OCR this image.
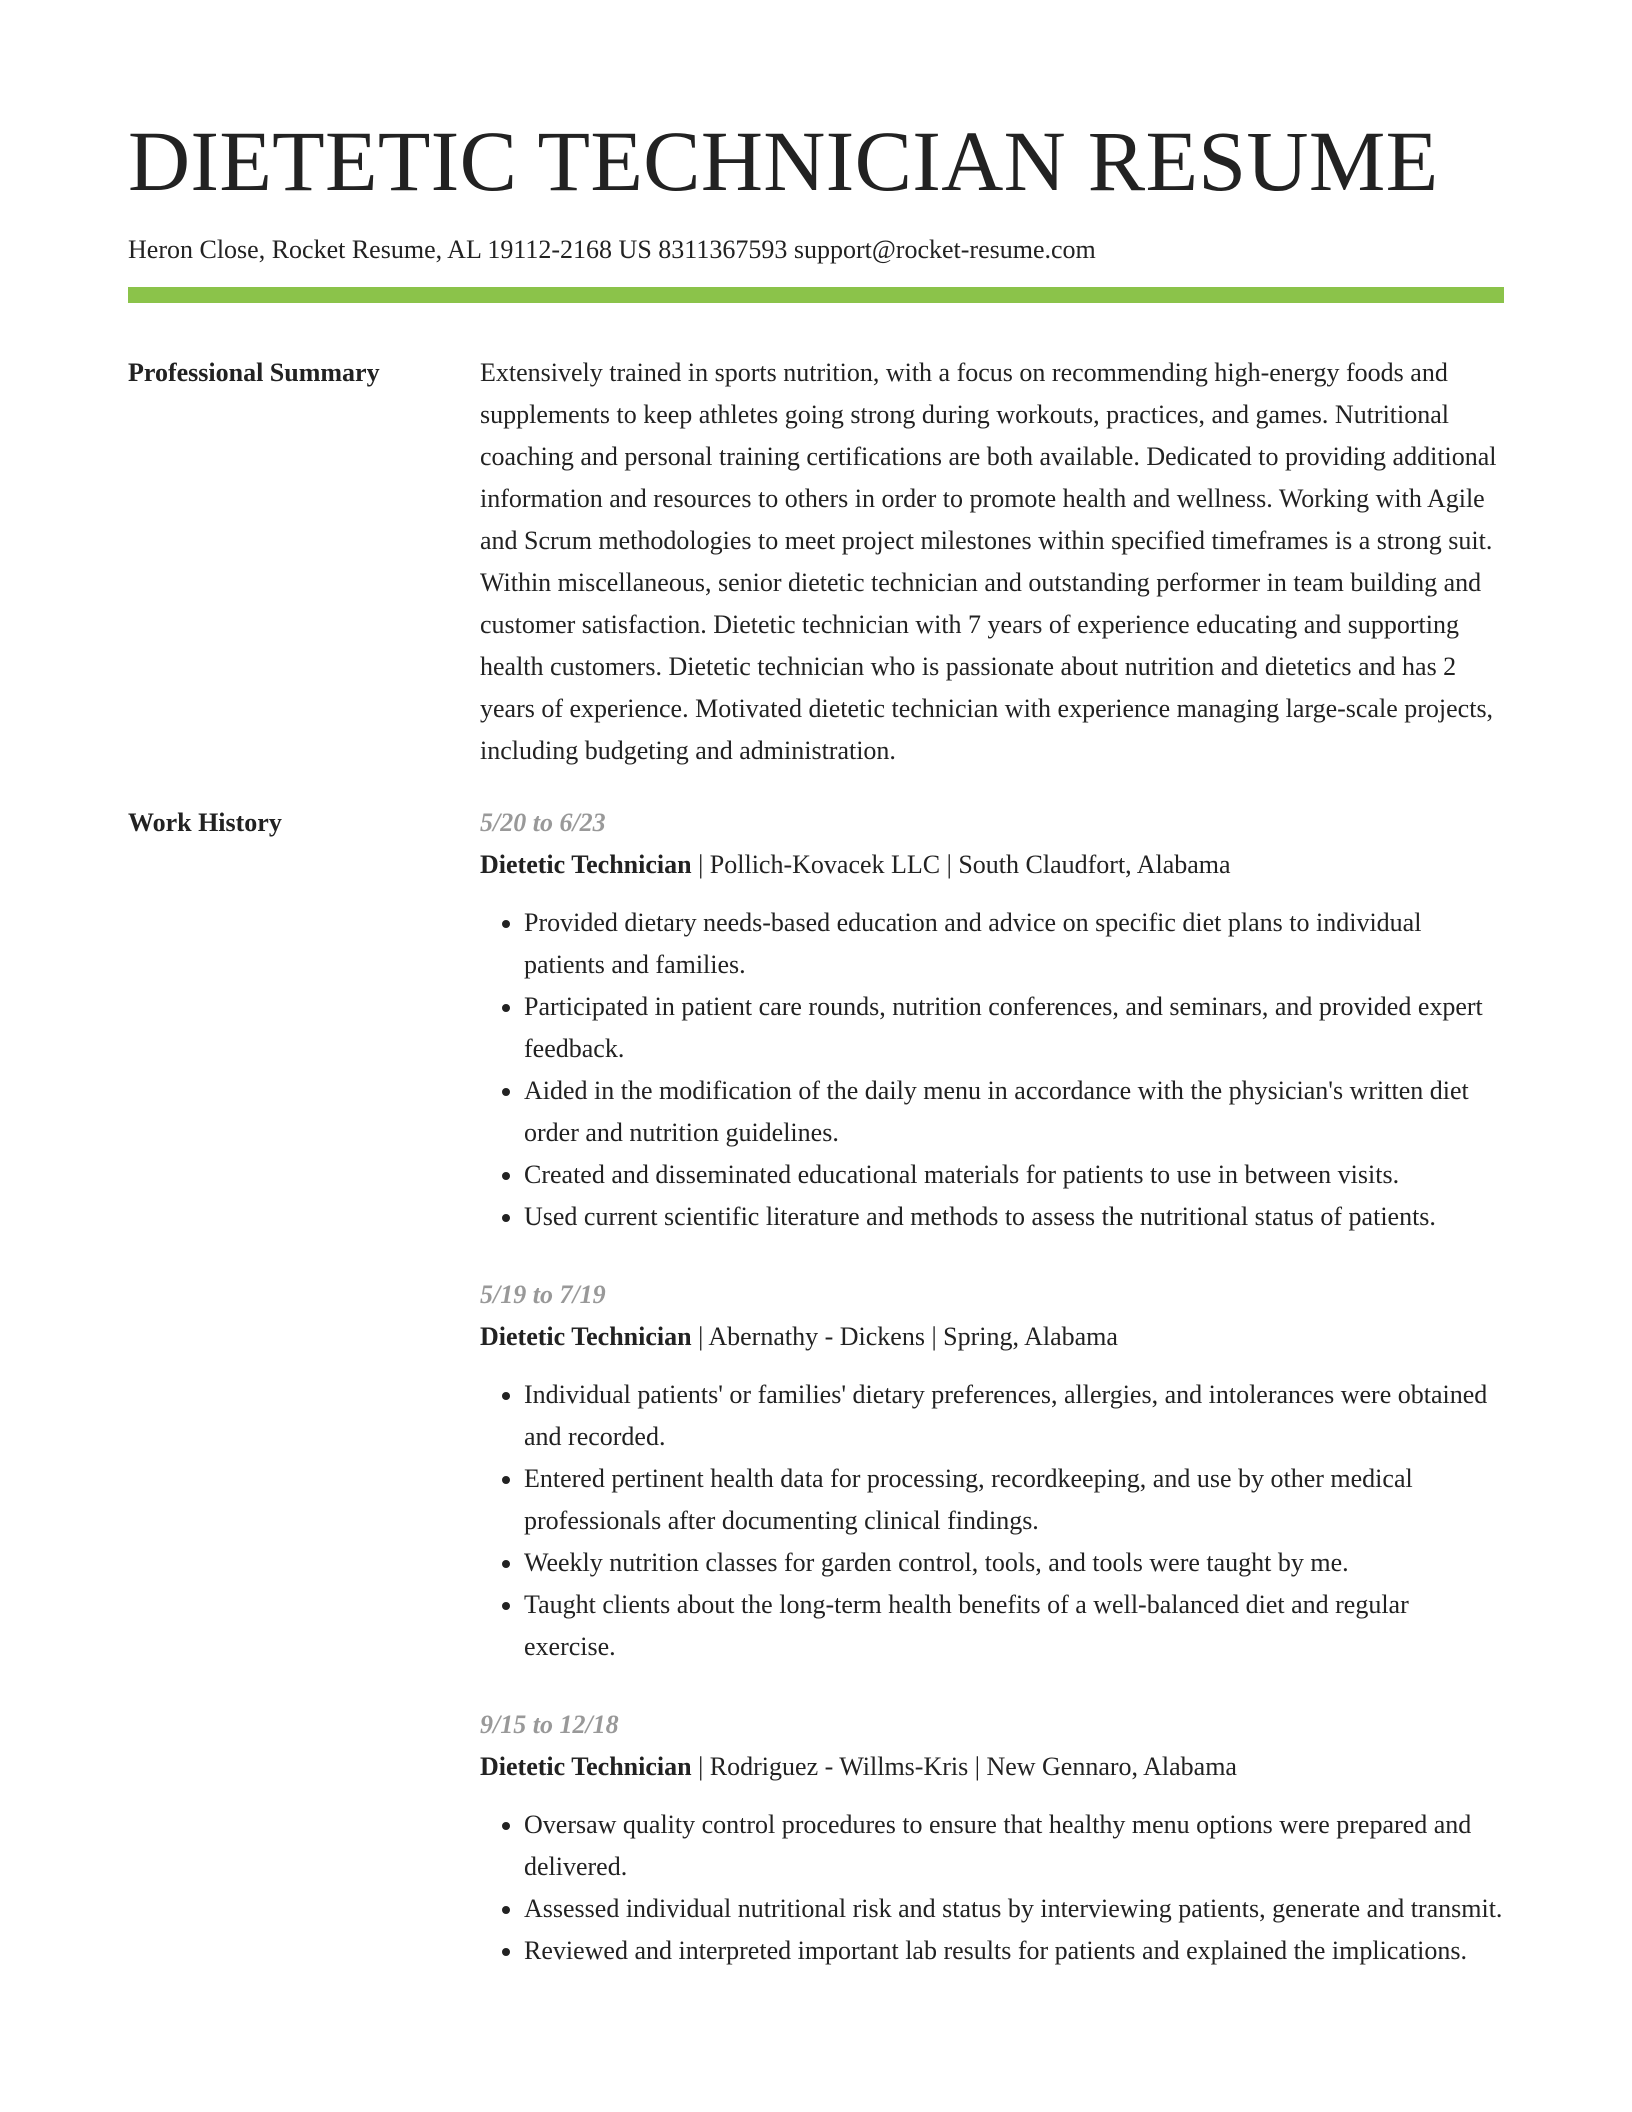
DIETETIC TECHNICIAN RESUME
Heron Close, Rocket Resume, AL 19112-2168 US 8311367593 support@rocket-resume.com
Professional Summary	Extensively trained in sports nutrition, with a focus on recommending high-energy foods and supplements to keep athletes going strong during workouts, practices, and games. Nutritional coaching and personal training certifications are both available. Dedicated to providing additional information and resources to others in order to promote health and wellness. Working with Agile and Scrum methodologies to meet project milestones within specified timeframes is a strong suit. Within miscellaneous, senior dietetic technician and outstanding performer in team building and customer satisfaction. Dietetic technician with 7 years of experience educating and supporting health customers. Dietetic technician who is passionate about nutrition and dietetics and has 2 years of experience. Motivated dietetic technician with experience managing large-scale projects, including budgeting and administration.

Work History	5/20 to 6/23
Dietetic Technician | Pollich-Kovacek LLC | South Claudfort, Alabama
• Provided dietary needs-based education and advice on specific diet plans to individual patients and families.
• Participated in patient care rounds, nutrition conferences, and seminars, and provided expert feedback.
• Aided in the modification of the daily menu in accordance with the physician's written diet order and nutrition guidelines.
• Created and disseminated educational materials for patients to use in between visits.
• Used current scientific literature and methods to assess the nutritional status of patients.
5/19 to 7/19
Dietetic Technician | Abernathy - Dickens | Spring, Alabama
• Individual patients' or families' dietary preferences, allergies, and intolerances were obtained and recorded.
• Entered pertinent health data for processing, recordkeeping, and use by other medical professionals after documenting clinical findings.
• Weekly nutrition classes for garden control, tools, and tools were taught by me.
• Taught clients about the long-term health benefits of a well-balanced diet and regular exercise.
9/15 to 12/18
Dietetic Technician | Rodriguez - Willms-Kris | New Gennaro, Alabama
• Oversaw quality control procedures to ensure that healthy menu options were prepared and delivered.
• Assessed individual nutritional risk and status by interviewing patients, generate and transmit.
• Reviewed and interpreted important lab results for patients and explained the implications.
